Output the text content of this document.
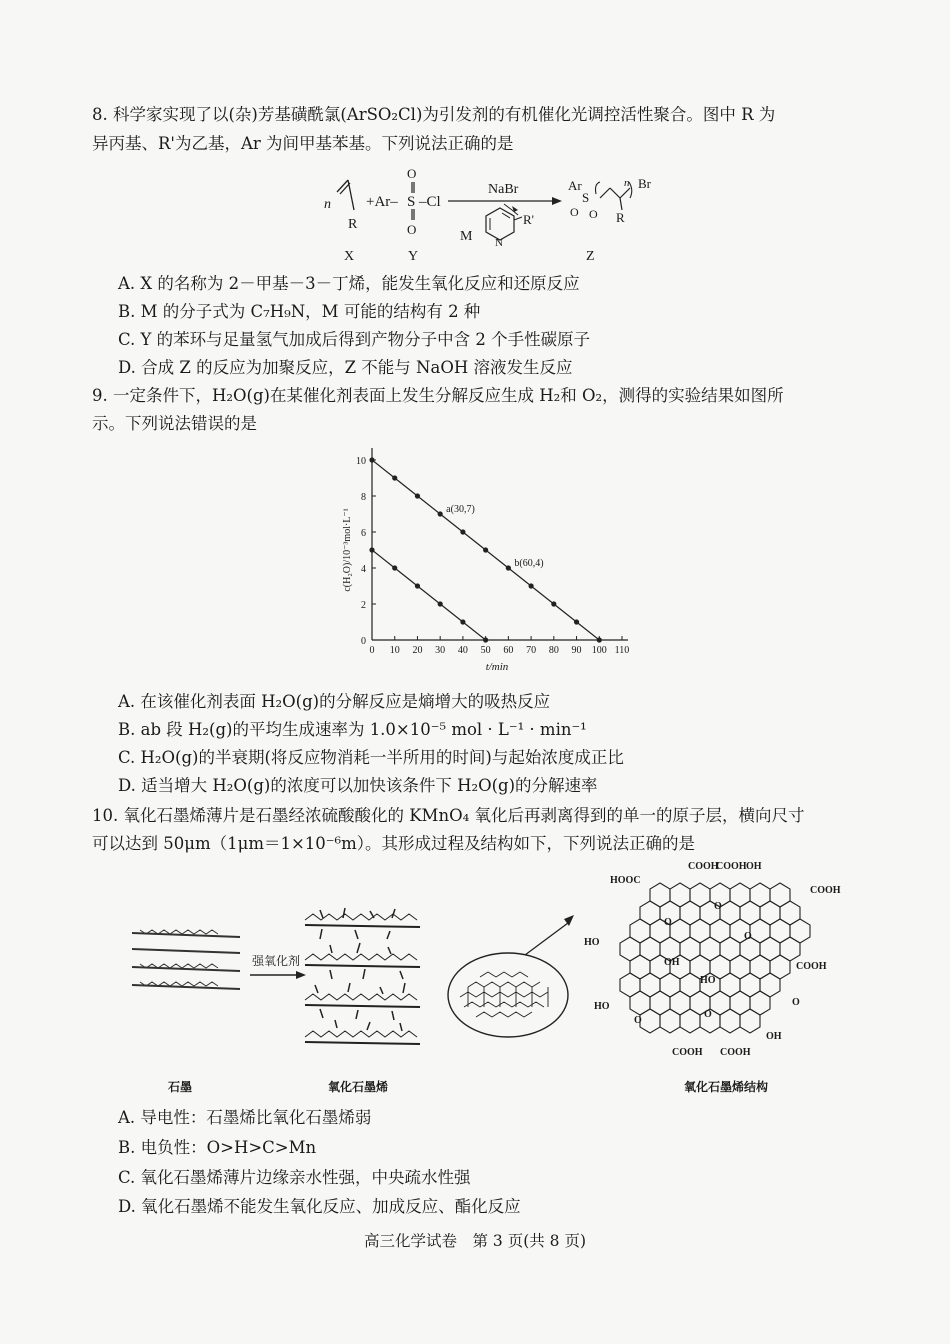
8. 科学家实现了以(杂)芳基磺酰氯(ArSO₂Cl)为引发剂的有机催化光调控活性聚合。图中 R 为
异丙基、R'为乙基，Ar 为间甲基苯基。下列说法正确的是
n
R
+Ar– S –Cl
O
O
NaBr
M N
R'
Ar
S
O O
n Br
R
X	Y	Z
A. X 的名称为 2－甲基－3－丁烯，能发生氧化反应和还原反应
B. M 的分子式为 C₇H₉N，M 可能的结构有 2 种
C. Y 的苯环与足量氢气加成后得到产物分子中含 2 个手性碳原子
D. 合成 Z 的反应为加聚反应，Z 不能与 NaOH 溶液发生反应
9. 一定条件下，H₂O(g)在某催化剂表面上发生分解反应生成 H₂和 O₂，测得的实验结果如图所
示。下列说法错误的是
0 10 20 30 40 50 60 70 80 90 100 110
0
2
4
6
8
10
t/min
c(H₂O)/10⁻³mol·L⁻¹	a(30,7)
b(60,4)
A. 在该催化剂表面 H₂O(g)的分解反应是熵增大的吸热反应
B. ab 段 H₂(g)的平均生成速率为 1.0×10⁻⁵ mol · L⁻¹ · min⁻¹
C. H₂O(g)的半衰期(将反应物消耗一半所用的时间)与起始浓度成正比
D. 适当增大 H₂O(g)的浓度可以加快该条件下 H₂O(g)的分解速率
10. 氧化石墨烯薄片是石墨经浓硫酸酸化的 KMnO₄ 氧化后再剥离得到的单一的原子层，横向尺寸
可以达到 50μm（1μm＝1×10⁻⁶m）。其形成过程及结构如下，下列说法正确的是
石墨
强氧化剂
氧化石墨烯
COOH
COOH OH
HOOC
COOH
HO
O
OH
O
O
HO
HO
O
O
COOH
COOH COOH
OH
O
氧化石墨烯结构
A. 导电性：石墨烯比氧化石墨烯弱
B. 电负性：O>H>C>Mn
C. 氧化石墨烯薄片边缘亲水性强，中央疏水性强
D. 氧化石墨烯不能发生氧化反应、加成反应、酯化反应
高三化学试卷　第 3 页(共 8 页)
